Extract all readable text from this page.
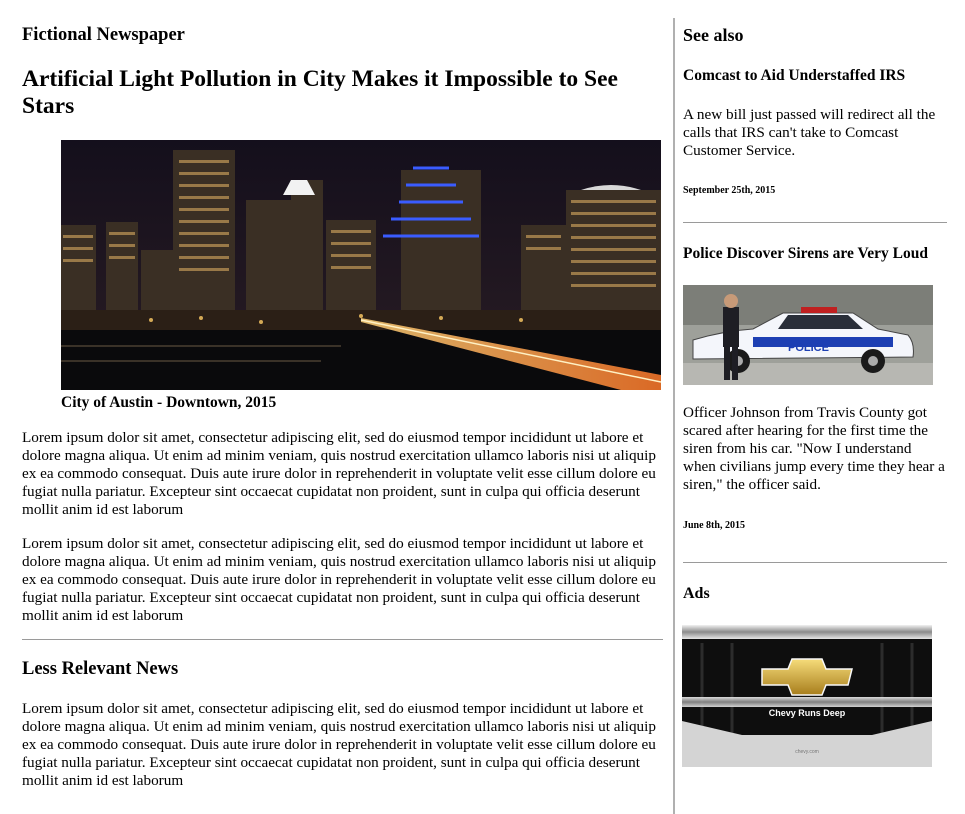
Fictional Newspaper
Artificial Light Pollution in City Makes it Impossible to See Stars
City of Austin - Downtown, 2015

Lorem ipsum dolor sit amet, consectetur adipiscing elit, sed do eiusmod tempor incididunt ut labore et dolore magna aliqua. Ut enim ad minim veniam, quis nostrud exercitation ullamco laboris nisi ut aliquip ex ea commodo consequat. Duis aute irure dolor in reprehenderit in voluptate velit esse cillum dolore eu fugiat nulla pariatur. Excepteur sint occaecat cupidatat non proident, sunt in culpa qui officia deserunt mollit anim id est laborum

Lorem ipsum dolor sit amet, consectetur adipiscing elit, sed do eiusmod tempor incididunt ut labore et dolore magna aliqua. Ut enim ad minim veniam, quis nostrud exercitation ullamco laboris nisi ut aliquip ex ea commodo consequat. Duis aute irure dolor in reprehenderit in voluptate velit esse cillum dolore eu fugiat nulla pariatur. Excepteur sint occaecat cupidatat non proident, sunt in culpa qui officia deserunt mollit anim id est laborum

Less Relevant News

Lorem ipsum dolor sit amet, consectetur adipiscing elit, sed do eiusmod tempor incididunt ut labore et dolore magna aliqua. Ut enim ad minim veniam, quis nostrud exercitation ullamco laboris nisi ut aliquip ex ea commodo consequat. Duis aute irure dolor in reprehenderit in voluptate velit esse cillum dolore eu fugiat nulla pariatur. Excepteur sint occaecat cupidatat non proident, sunt in culpa qui officia deserunt mollit anim id est laborum

See also
Comcast to Aid Understaffed IRS

A new bill just passed will redirect all the calls that IRS can't take to Comcast Customer Service.

September 25th, 2015
Police Discover Sirens are Very Loud
POLICE

Officer Johnson from Travis County got scared after hearing for the first time the siren from his car. "Now I understand when civilians jump every time they hear a siren," the officer said.

June 8th, 2015
Ads
Chevy Runs Deep
chevy.com
